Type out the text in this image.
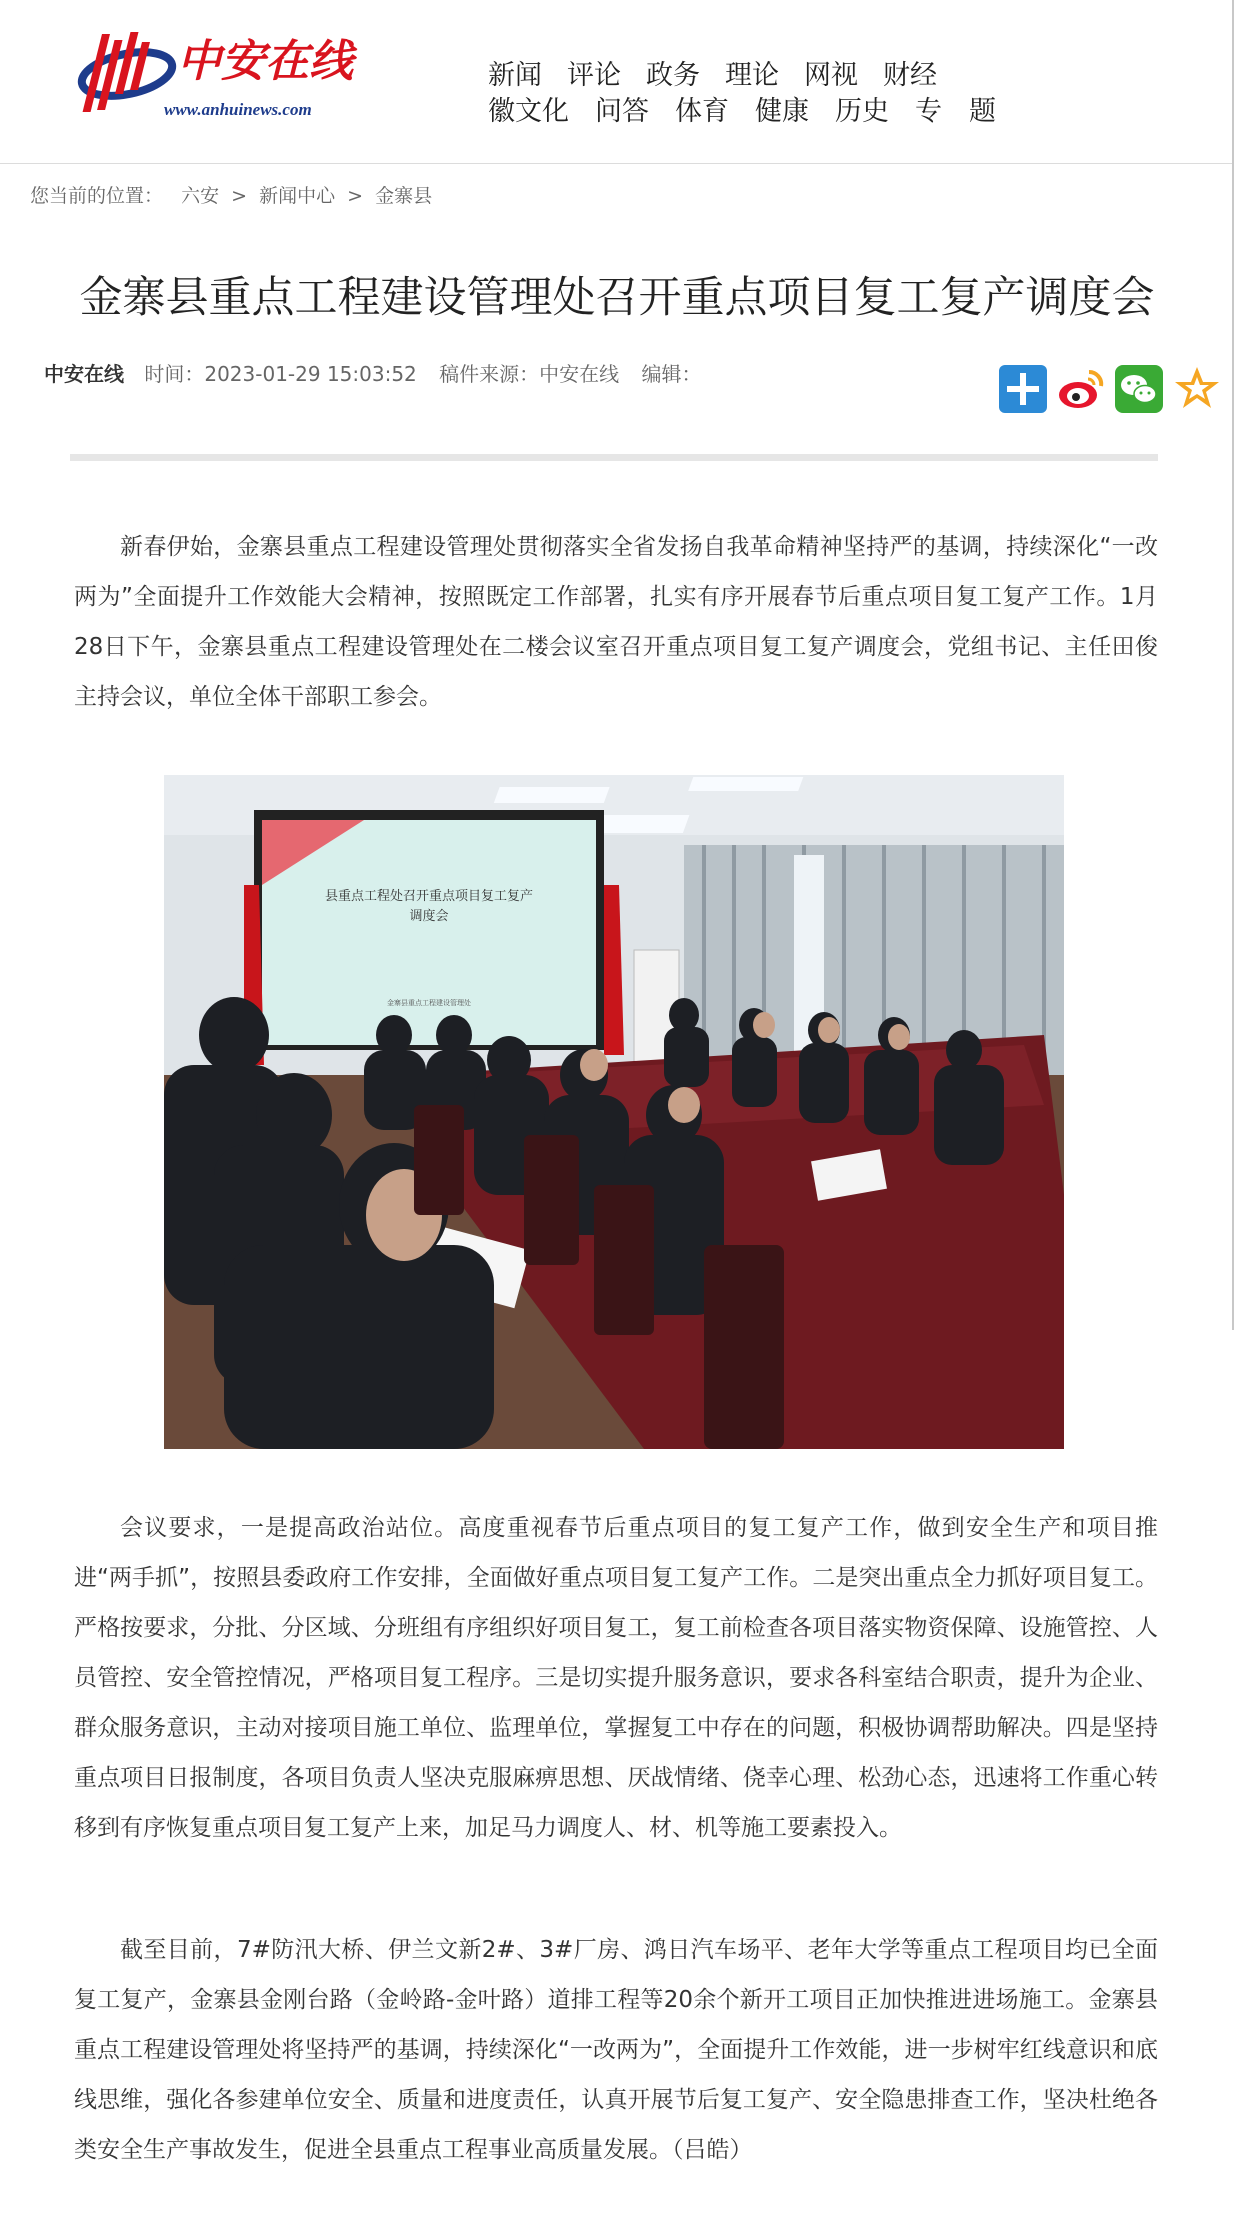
中安在线
www.anhuinews.com
新闻 评论 政务 理论 网视 财经
徽文化 问答 体育 健康 历史 专　题
您当前的位置： 六安 > 新闻中心 > 金寨县
金寨县重点工程建设管理处召开重点项目复工复产调度会
中安在线 时间：2023-01-29 15:03:52 稿件来源：中安在线 编辑：

新春伊始，金寨县重点工程建设管理处贯彻落实全省发扬自我革命精神坚持严的基调，持续深化“一改两为”全面提升工作效能大会精神，按照既定工作部署，扎实有序开展春节后重点项目复工复产工作。1月28日下午，金寨县重点工程建设管理处在二楼会议室召开重点项目复工复产调度会，党组书记、主任田俊主持会议，单位全体干部职工参会。

县重点工程处召开重点项目复工复产
调度会
金寨县重点工程建设管理处

会议要求，一是提高政治站位。高度重视春节后重点项目的复工复产工作，做到安全生产和项目推进“两手抓”，按照县委政府工作安排，全面做好重点项目复工复产工作。二是突出重点全力抓好项目复工。严格按要求，分批、分区域、分班组有序组织好项目复工，复工前检查各项目落实物资保障、设施管控、人员管控、安全管控情况，严格项目复工程序。三是切实提升服务意识，要求各科室结合职责，提升为企业、群众服务意识，主动对接项目施工单位、监理单位，掌握复工中存在的问题，积极协调帮助解决。四是坚持重点项目日报制度，各项目负责人坚决克服麻痹思想、厌战情绪、侥幸心理、松劲心态，迅速将工作重心转移到有序恢复重点项目复工复产上来，加足马力调度人、材、机等施工要素投入。

截至目前，7#防汛大桥、伊兰文新2#、3#厂房、鸿日汽车场平、老年大学等重点工程项目均已全面复工复产，金寨县金刚台路（金岭路-金叶路）道排工程等20余个新开工项目正加快推进进场施工。金寨县重点工程建设管理处将坚持严的基调，持续深化“一改两为”，全面提升工作效能，进一步树牢红线意识和底线思维，强化各参建单位安全、质量和进度责任，认真开展节后复工复产、安全隐患排查工作，坚决杜绝各类安全生产事故发生，促进全县重点工程事业高质量发展。（吕皓）
